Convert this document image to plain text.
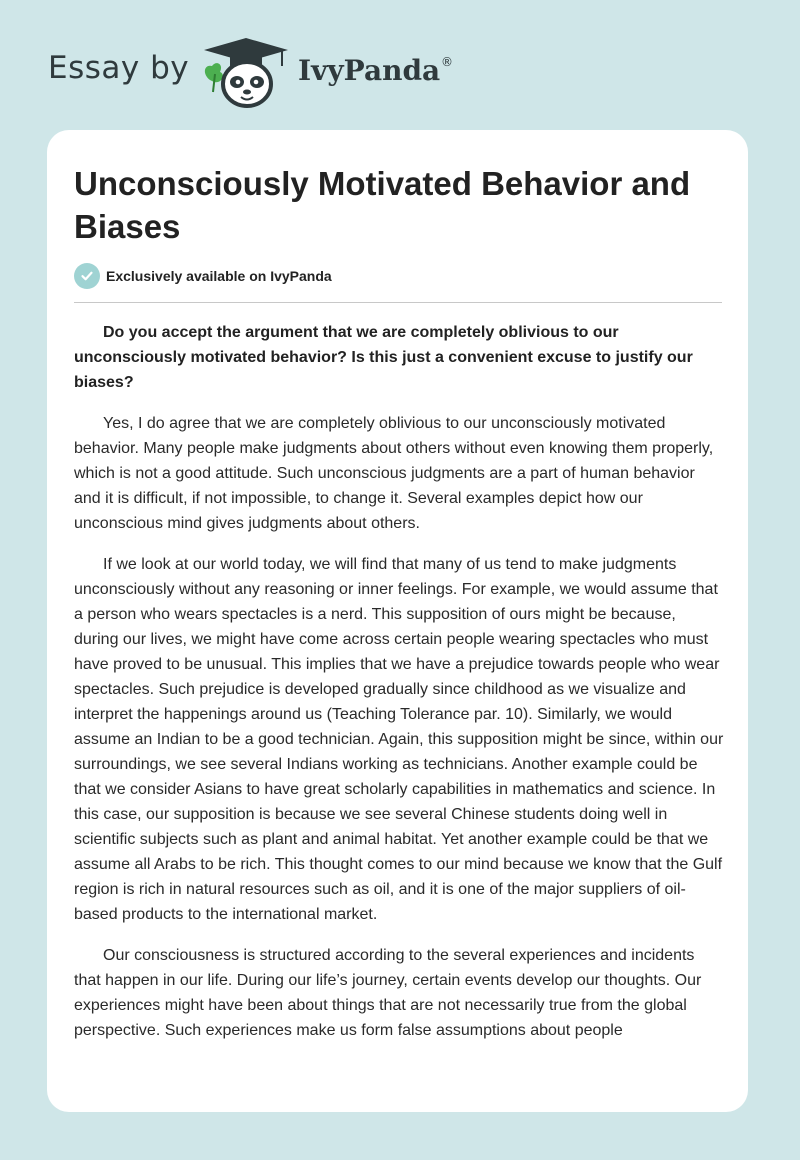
Essay by	IvyPanda ®
Unconsciously Motivated Behavior and Biases
Exclusively available on IvyPanda

Do you accept the argument that we are completely oblivious to our unconsciously motivated behavior? Is this just a convenient excuse to justify our biases?

Yes, I do agree that we are completely oblivious to our unconsciously motivated behavior. Many people make judgments about others without even knowing them properly, which is not a good attitude. Such unconscious judgments are a part of human behavior and it is difficult, if not impossible, to change it. Several examples depict how our unconscious mind gives judgments about others.

If we look at our world today, we will find that many of us tend to make judgments unconsciously without any reasoning or inner feelings. For example, we would assume that a person who wears spectacles is a nerd. This supposition of ours might be because, during our lives, we might have come across certain people wearing spectacles who must have proved to be unusual. This implies that we have a prejudice towards people who wear spectacles. Such prejudice is developed gradually since childhood as we visualize and interpret the happenings around us (Teaching Tolerance par. 10). Similarly, we would assume an Indian to be a good technician. Again, this supposition might be since, within our surroundings, we see several Indians working as technicians. Another example could be that we consider Asians to have great scholarly capabilities in mathematics and science. In this case, our supposition is because we see several Chinese students doing well in scientific subjects such as plant and animal habitat. Yet another example could be that we assume all Arabs to be rich. This thought comes to our mind because we know that the Gulf region is rich in natural resources such as oil, and it is one of the major suppliers of oil-based products to the international market.

Our consciousness is structured according to the several experiences and incidents that happen in our life. During our life’s journey, certain events develop our thoughts. Our experiences might have been about things that are not necessarily true from the global perspective. Such experiences make us form false assumptions about people
